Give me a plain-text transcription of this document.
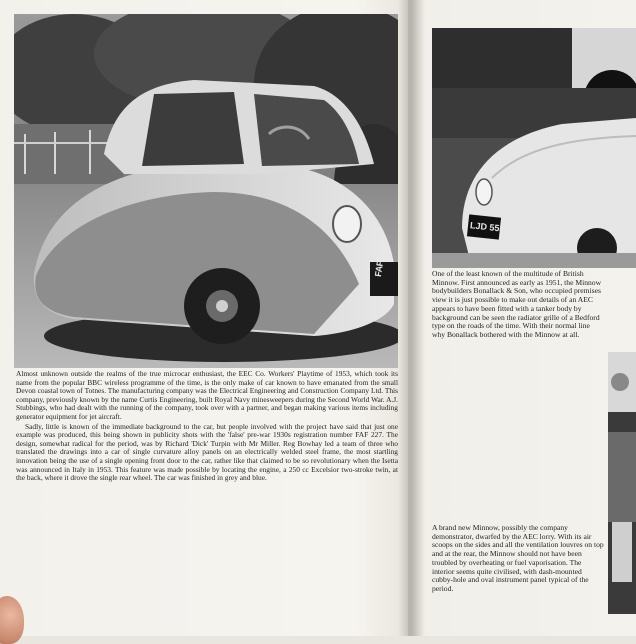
FAF 227

Almost unknown outside the realms of the true microcar enthusiast, the EEC Co. Workers' Playtime of 1953, which took its name from the popular BBC wireless programme of the time, is the only make of car known to have emanated from the small Devon coastal town of Totnes. The manufacturing company was the Electrical Engineering and Construction Company Ltd. This company, previously known by the name Curtis Engineering, built Royal Navy minesweepers during the Second World War. A.J. Stubbings, who had dealt with the running of the company, took over with a partner, and began making various items including generator equipment for jet aircraft.

Sadly, little is known of the immediate background to the car, but people involved with the project have said that just one example was produced, this being shown in publicity shots with the 'false' pre-war 1930s registration number FAF 227. The design, somewhat radical for the period, was by Richard 'Dick' Turpin with Mr Miller. Reg Bowhay led a team of three who translated the drawings into a car of single curvature alloy panels on an electrically welded steel frame, the most startling innovation being the use of a single opening front door to the car, rather like that claimed to be so revolutionary when the Isetta was announced in Italy in 1953. This feature was made possible by locating the engine, a 250 cc Excelsior two-stroke twin, at the back, where it drove the single rear wheel. The car was finished in grey and blue.

LJD 555
One of the least known of the multitude of British
Minnow. First announced as early as 1951, the Minnow
bodybuilders Bonallack & Son, who occupied premises
view it is just possible to make out details of an AEC
appears to have been fitted with a tanker body by
background can be seen the radiator grille of a Bedford
type on the roads of the time. With their normal line
why Bonallack bothered with the Minnow at all.

A brand new Minnow, possibly the company demonstrator, dwarfed by the AEC lorry. With its air scoops on the sides and all the ventilation louvres on top and at the rear, the Minnow should not have been troubled by overheating or fuel vaporisation. The interior seems quite civilised, with dash-mounted cubby-hole and oval instrument panel typical of the period.
